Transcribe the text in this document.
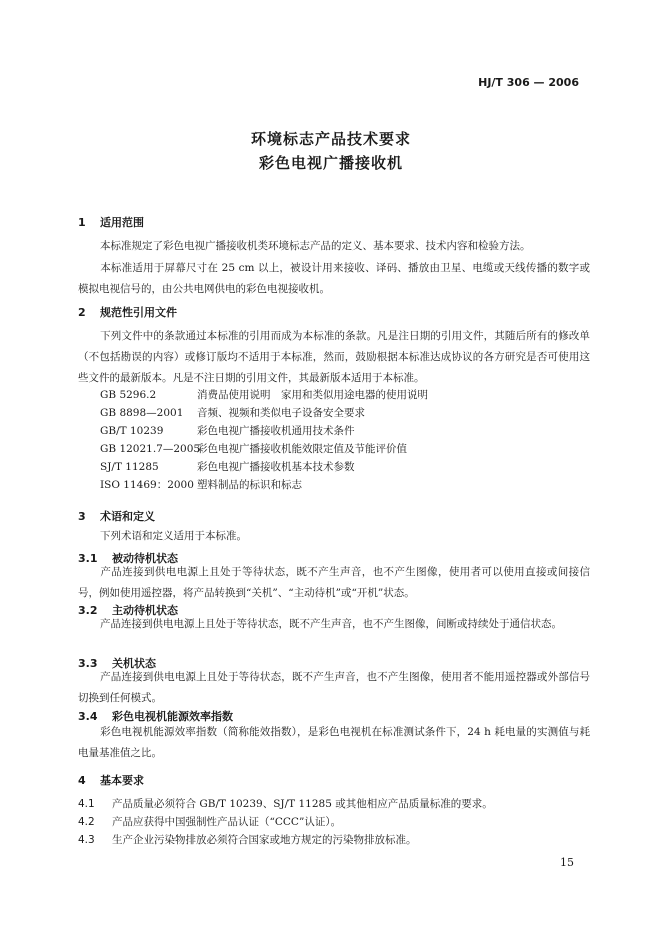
HJ/T 306 — 2006
环境标志产品技术要求
彩色电视广播接收机
1 适用范围
本标准规定了彩色电视广播接收机类环境标志产品的定义、基本要求、技术内容和检验方法。
本标准适用于屏幕尺寸在 25 cm 以上，被设计用来接收、译码、播放由卫星、电缆或天线传播的数字或模拟电视信号的，由公共电网供电的彩色电视接收机。
2 规范性引用文件
下列文件中的条款通过本标准的引用而成为本标准的条款。凡是注日期的引用文件，其随后所有的修改单（不包括勘误的内容）或修订版均不适用于本标准，然而，鼓励根据本标准达成协议的各方研究是否可使用这些文件的最新版本。凡是不注日期的引用文件，其最新版本适用于本标准。
GB 5296.2	消费品使用说明　家用和类似用途电器的使用说明
GB 8898—2001 音频、视频和类似电子设备安全要求
GB/T 10239	彩色电视广播接收机通用技术条件
GB 12021.7—2005彩色电视广播接收机能效限定值及节能评价值
SJ/T 11285	彩色电视广播接收机基本技术参数
ISO 11469：2000 塑料制品的标识和标志
3 术语和定义
下列术语和定义适用于本标准。
3.1 被动待机状态
产品连接到供电电源上且处于等待状态，既不产生声音，也不产生图像，使用者可以使用直接或间接信号，例如使用遥控器，将产品转换到“关机”、“主动待机”或“开机”状态。
3.2 主动待机状态
产品连接到供电电源上且处于等待状态，既不产生声音，也不产生图像，间断或持续处于通信状态。
3.3 关机状态
产品连接到供电电源上且处于等待状态，既不产生声音，也不产生图像，使用者不能用遥控器或外部信号切换到任何模式。
3.4 彩色电视机能源效率指数
彩色电视机能源效率指数（简称能效指数），是彩色电视机在标准测试条件下，24 h 耗电量的实测值与耗电量基准值之比。
4 基本要求
4.1 产品质量必须符合 GB/T 10239、SJ/T 11285 或其他相应产品质量标准的要求。
4.2 产品应获得中国强制性产品认证（“CCC”认证）。
4.3 生产企业污染物排放必须符合国家或地方规定的污染物排放标准。
15
